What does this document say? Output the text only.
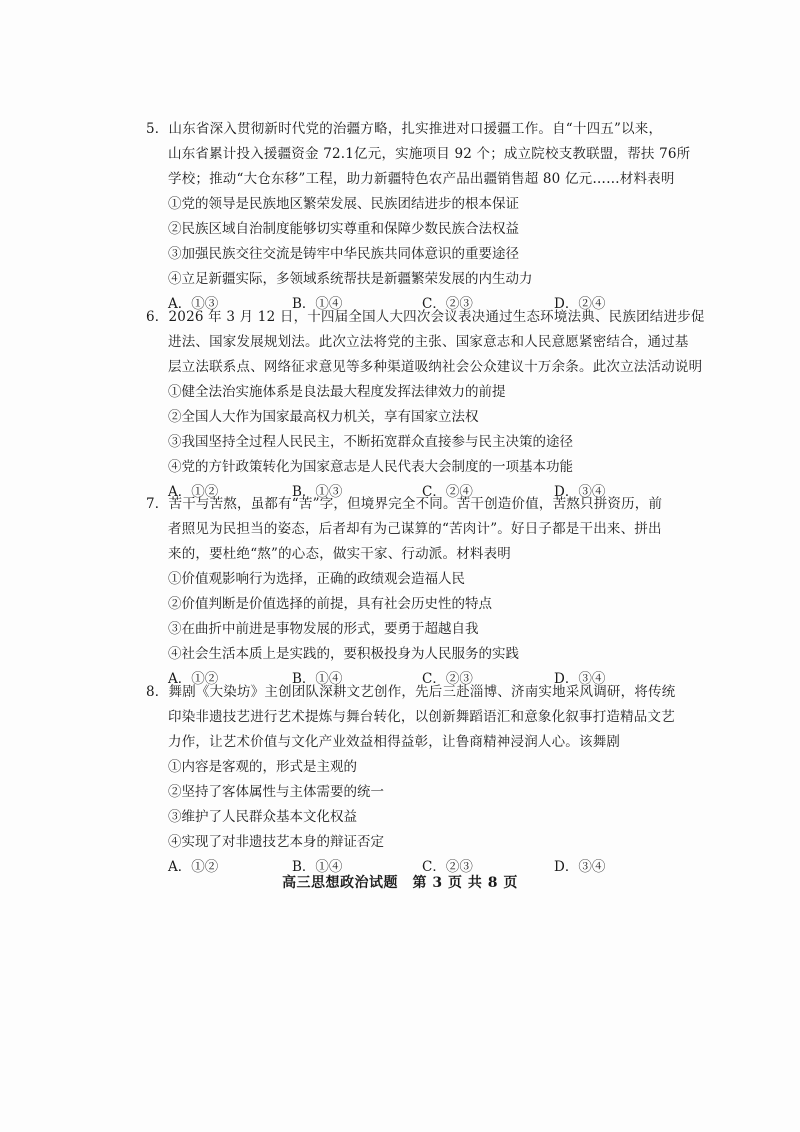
5．山东省深入贯彻新时代党的治疆方略，扎实推进对口援疆工作。自“十四五”以来，
山东省累计投入援疆资金 72.1亿元，实施项目 92 个；成立院校支教联盟，帮扶 76所
学校；推动“大仓东移”工程，助力新疆特色农产品出疆销售超 80 亿元……材料表明
①党的领导是民族地区繁荣发展、民族团结进步的根本保证
②民族区域自治制度能够切实尊重和保障少数民族合法权益
③加强民族交往交流是铸牢中华民族共同体意识的重要途径
④立足新疆实际，多领域系统帮扶是新疆繁荣发展的内生动力
A．①③	B．①④	C．②③	D．②④
6．2026 年 3 月 12 日，十四届全国人大四次会议表决通过生态环境法典、民族团结进步促
进法、国家发展规划法。此次立法将党的主张、国家意志和人民意愿紧密结合，通过基
层立法联系点、网络征求意见等多种渠道吸纳社会公众建议十万余条。此次立法活动说明
①健全法治实施体系是良法最大程度发挥法律效力的前提
②全国人大作为国家最高权力机关，享有国家立法权
③我国坚持全过程人民民主，不断拓宽群众直接参与民主决策的途径
④党的方针政策转化为国家意志是人民代表大会制度的一项基本功能
A．①②	B．①③	C．②④	D．③④
7．苦干与苦熬，虽都有“苦”字，但境界完全不同。苦干创造价值，苦熬只拼资历，前
者照见为民担当的姿态，后者却有为己谋算的“苦肉计”。好日子都是干出来、拼出
来的，要杜绝“熬”的心态，做实干家、行动派。材料表明
①价值观影响行为选择，正确的政绩观会造福人民
②价值判断是价值选择的前提，具有社会历史性的特点
③在曲折中前进是事物发展的形式，要勇于超越自我
④社会生活本质上是实践的，要积极投身为人民服务的实践
A．①②	B．①④	C．②③	D．③④
8．舞剧《大染坊》主创团队深耕文艺创作，先后三赴淄博、济南实地采风调研，将传统
印染非遗技艺进行艺术提炼与舞台转化，以创新舞蹈语汇和意象化叙事打造精品文艺
力作，让艺术价值与文化产业效益相得益彰，让鲁商精神浸润人心。该舞剧
①内容是客观的，形式是主观的
②坚持了客体属性与主体需要的统一
③维护了人民群众基本文化权益
④实现了对非遗技艺本身的辩证否定
A．①②	B．①④	C．②③	D．③④
高三思想政治试题　第 3 页 共 8 页
